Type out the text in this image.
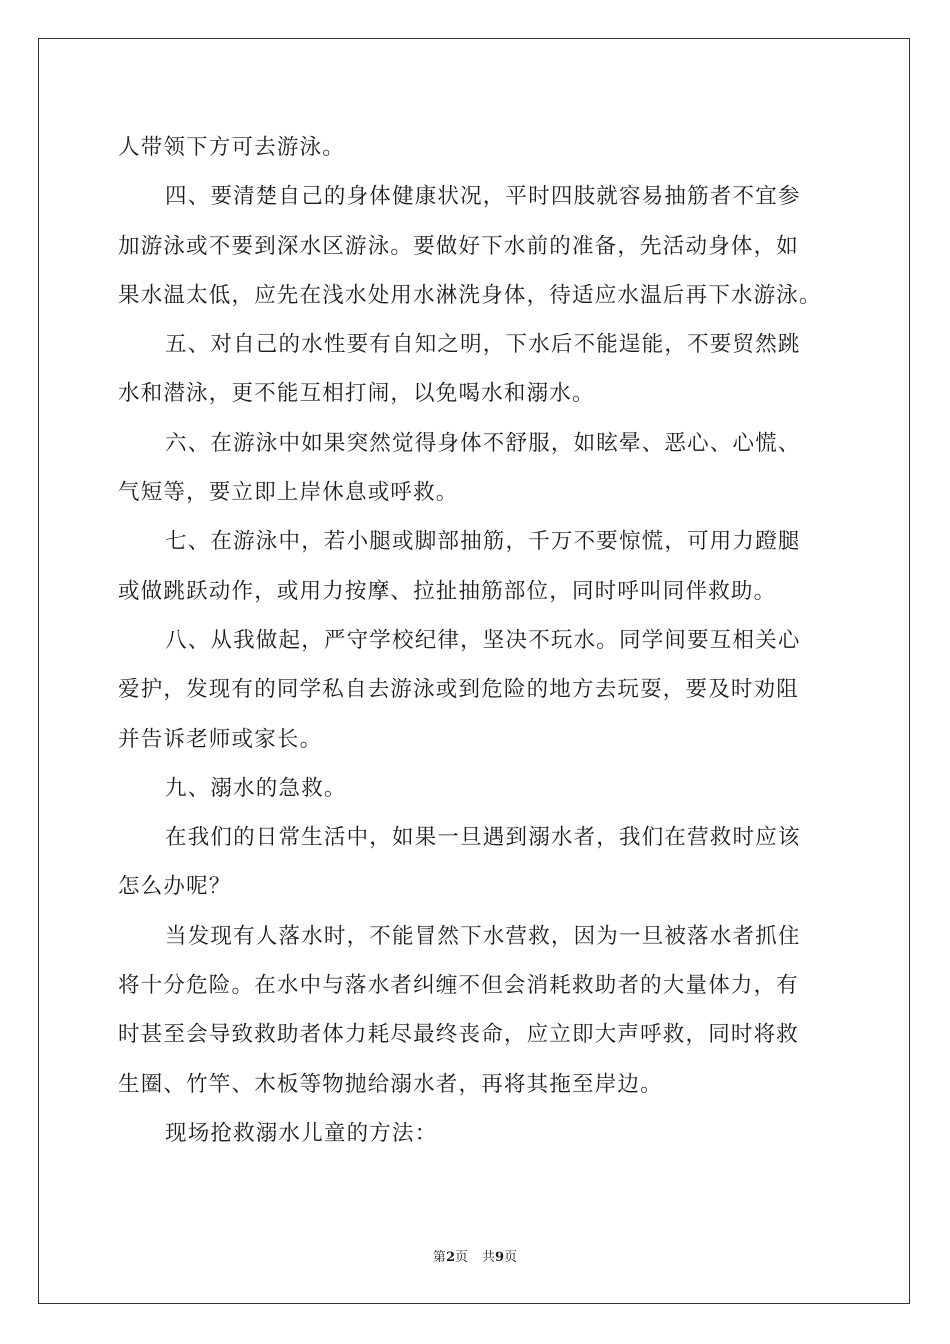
人带领下方可去游泳。
四、要清楚自己的身体健康状况，平时四肢就容易抽筋者不宜参
加游泳或不要到深水区游泳。要做好下水前的准备，先活动身体，如
果水温太低，应先在浅水处用水淋洗身体，待适应水温后再下水游泳。
五、对自己的水性要有自知之明，下水后不能逞能，不要贸然跳
水和潜泳，更不能互相打闹，以免喝水和溺水。
六、在游泳中如果突然觉得身体不舒服，如眩晕、恶心、心慌、
气短等，要立即上岸休息或呼救。
七、在游泳中，若小腿或脚部抽筋，千万不要惊慌，可用力蹬腿
或做跳跃动作，或用力按摩、拉扯抽筋部位，同时呼叫同伴救助。
八、从我做起，严守学校纪律，坚决不玩水。同学间要互相关心
爱护，发现有的同学私自去游泳或到危险的地方去玩耍，要及时劝阻
并告诉老师或家长。
九、溺水的急救。
在我们的日常生活中，如果一旦遇到溺水者，我们在营救时应该
怎么办呢？
当发现有人落水时，不能冒然下水营救，因为一旦被落水者抓住
将十分危险。在水中与落水者纠缠不但会消耗救助者的大量体力，有
时甚至会导致救助者体力耗尽最终丧命，应立即大声呼救，同时将救
生圈、竹竿、木板等物抛给溺水者，再将其拖至岸边。
现场抢救溺水儿童的方法：
第2页 共9页
